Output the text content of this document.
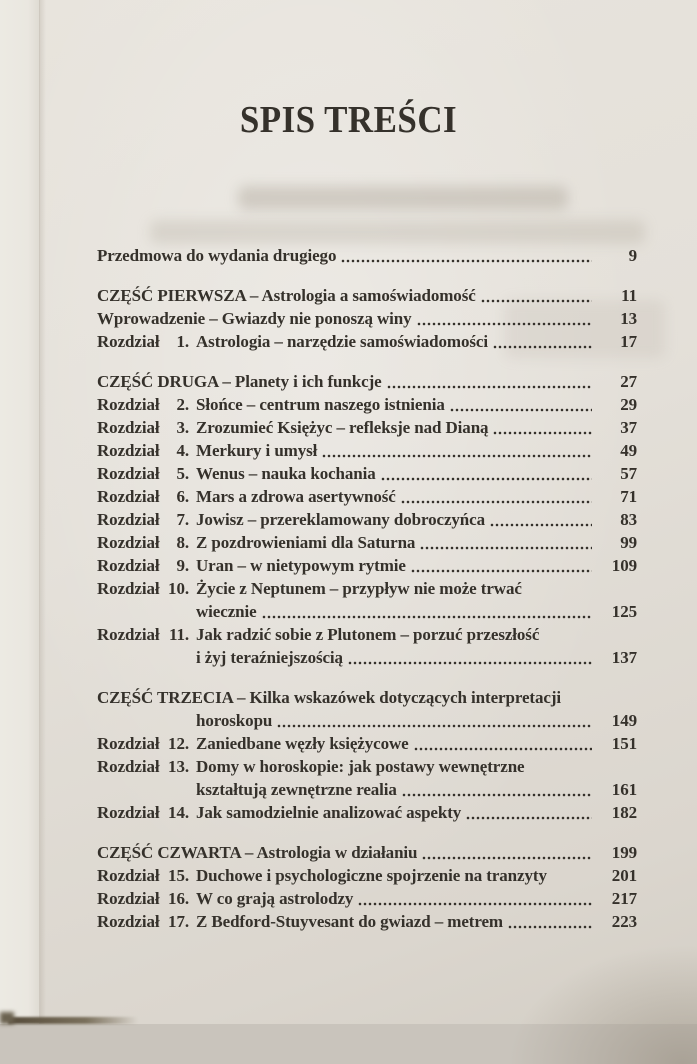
SPIS TREŚCI
Przedmowa do wydania drugiego	9
CZĘŚĆ PIERWSZA – Astrologia a samoświadomość	11
Wprowadzenie – Gwiazdy nie ponoszą winy	13
Rozdział 1. Astrologia – narzędzie samoświadomości	17
CZĘŚĆ DRUGA – Planety i ich funkcje	27
Rozdział 2. Słońce – centrum naszego istnienia	29
Rozdział 3. Zrozumieć Księżyc – refleksje nad Dianą	37
Rozdział 4. Merkury i umysł	49
Rozdział 5. Wenus – nauka kochania	57
Rozdział 6. Mars a zdrowa asertywność	71
Rozdział 7. Jowisz – przereklamowany dobroczyńca	83
Rozdział 8. Z pozdrowieniami dla Saturna	99
Rozdział 9. Uran – w nietypowym rytmie	109
Rozdział 10. Życie z Neptunem – przypływ nie może trwać
wiecznie	125
Rozdział 11. Jak radzić sobie z Plutonem – porzuć przeszłość
i żyj teraźniejszością	137
CZĘŚĆ TRZECIA – Kilka wskazówek dotyczących interpretacji
horoskopu	149
Rozdział 12. Zaniedbane węzły księżycowe	151
Rozdział 13. Domy w horoskopie: jak postawy wewnętrzne
kształtują zewnętrzne realia	161
Rozdział 14. Jak samodzielnie analizować aspekty	182
CZĘŚĆ CZWARTA – Astrologia w działaniu	199
Rozdział 15. Duchowe i psychologiczne spojrzenie na tranzyty	201
Rozdział 16. W co grają astrolodzy	217
Rozdział 17. Z Bedford-Stuyvesant do gwiazd – metrem	223
